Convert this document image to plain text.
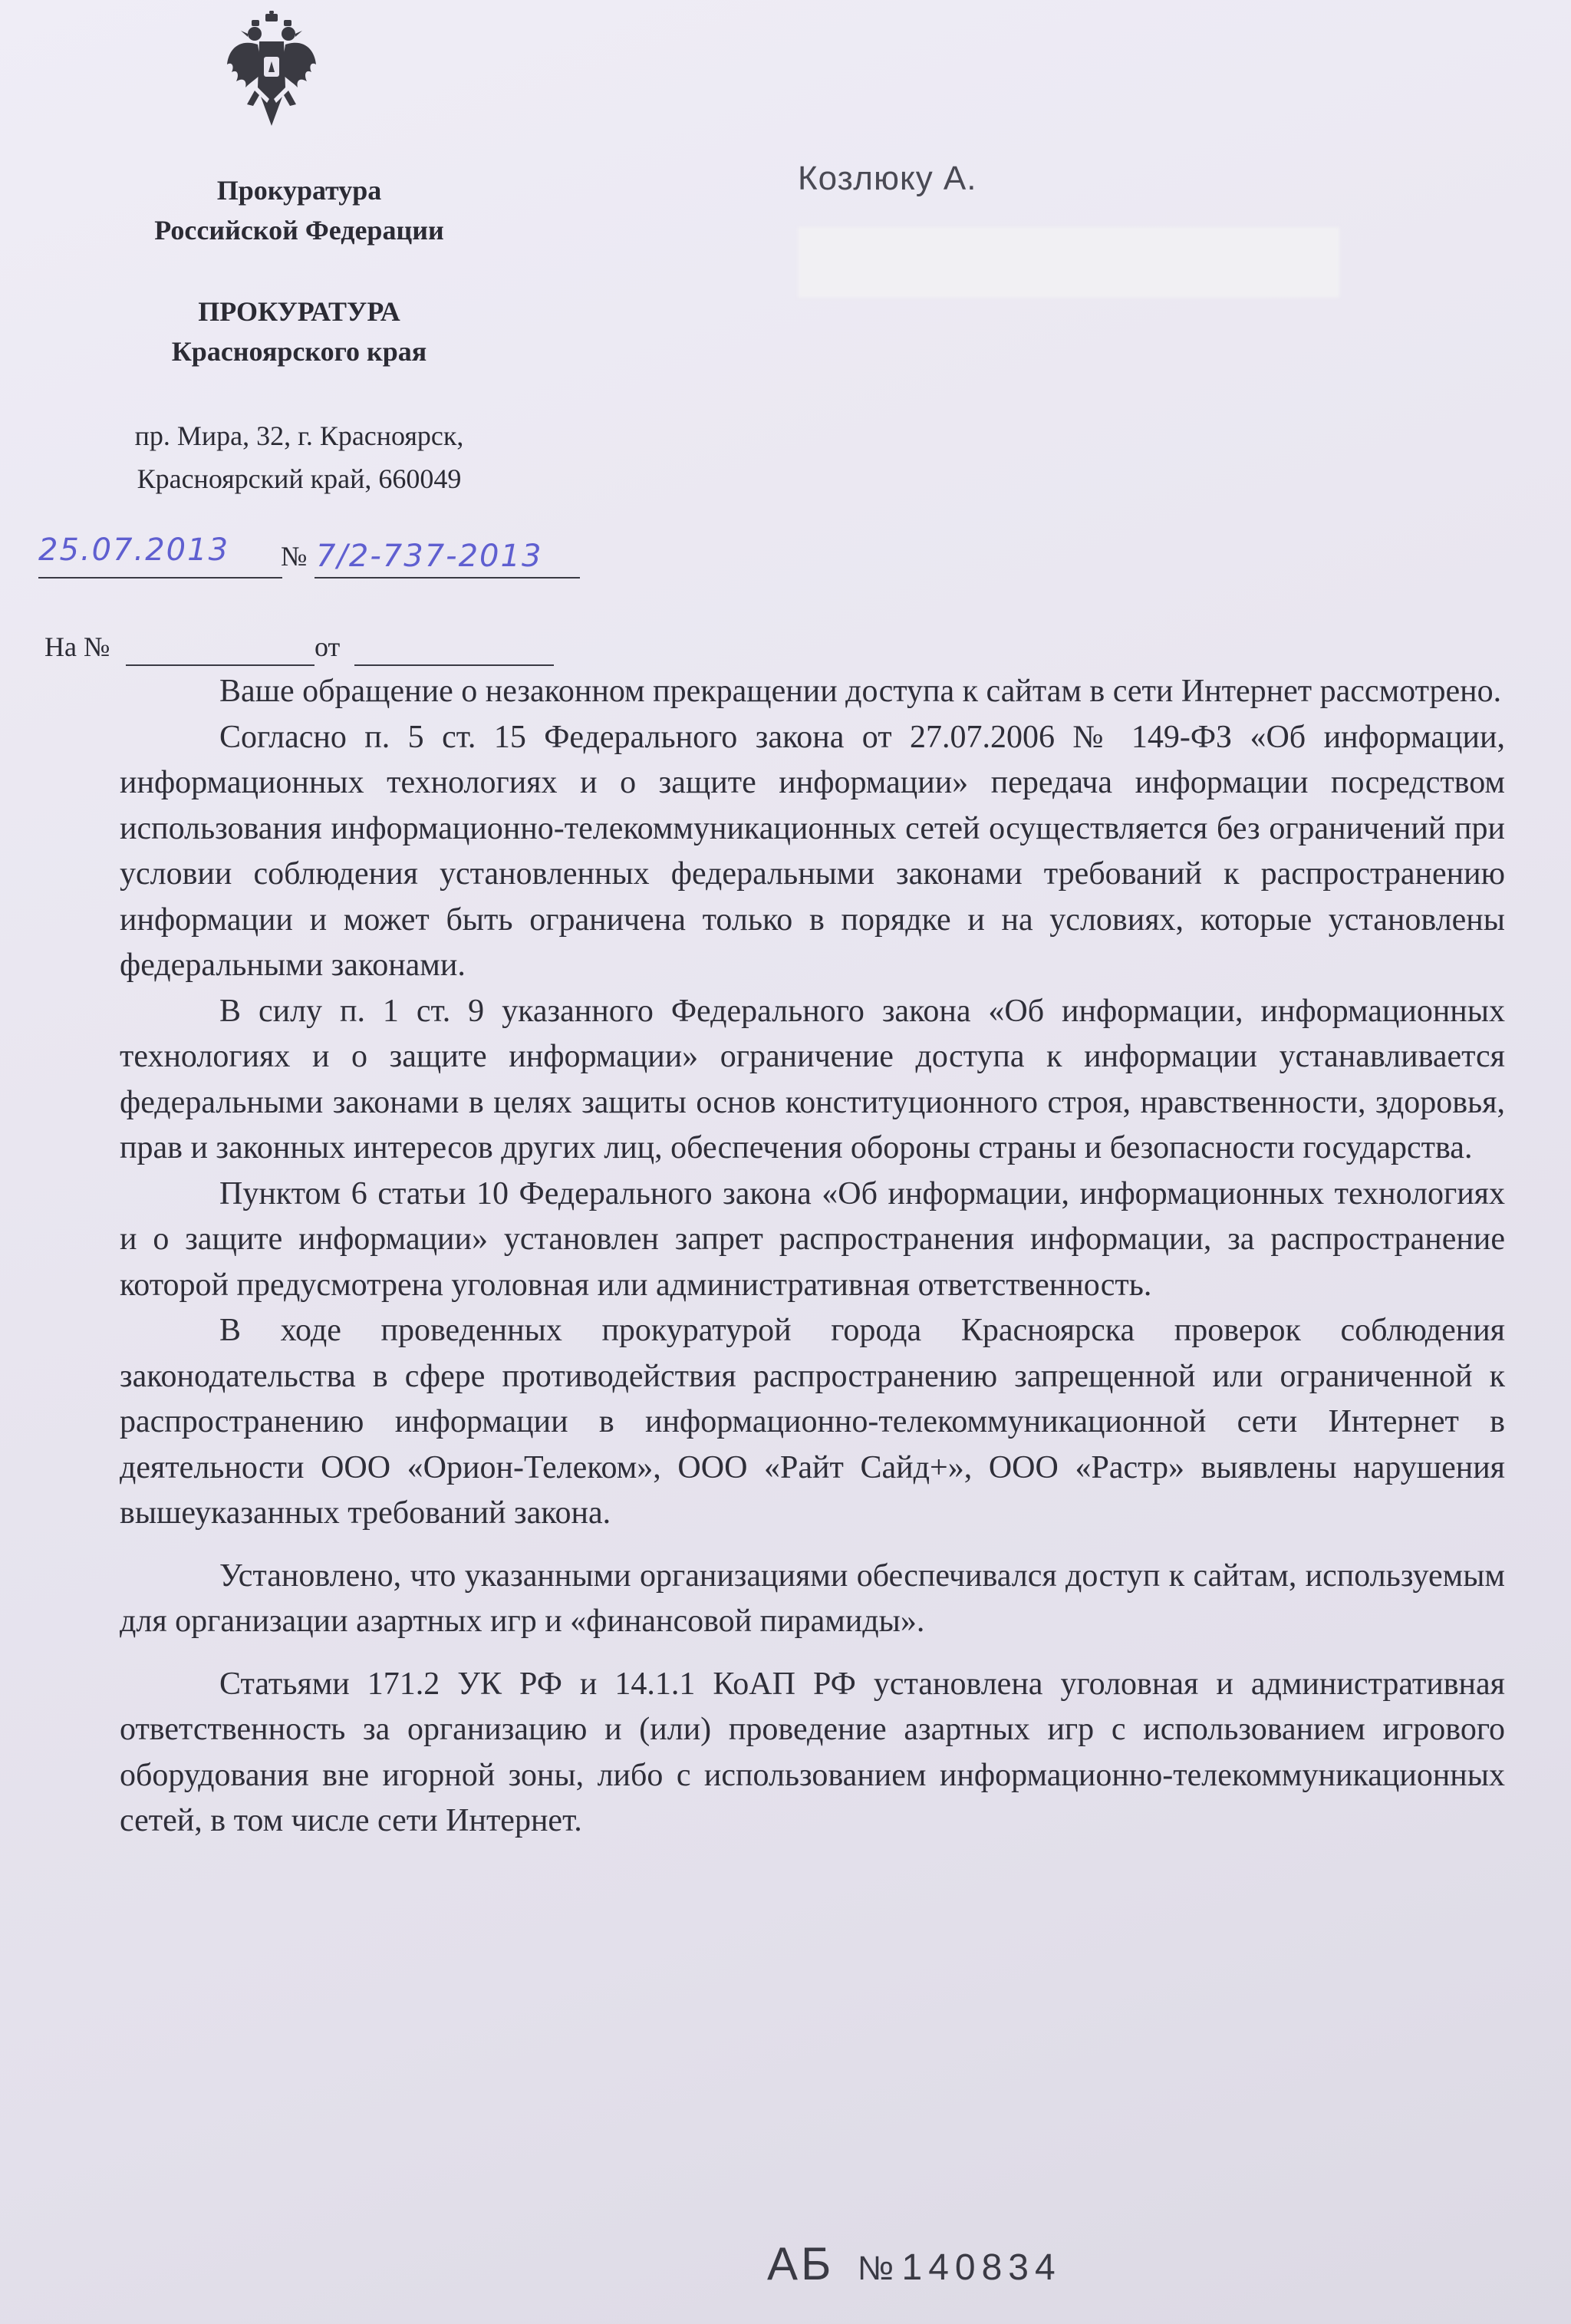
Прокуратура
Российской Федерации
ПРОКУРАТУРА
Красноярского края
пр. Мира, 32, г. Красноярск,
Красноярский край, 660049
25.07.2013 № 7/2-737-2013
На №	от
Козлюку А.

Ваше обращение о незаконном прекращении доступа к сайтам в сети Интернет рассмотрено.

Согласно п. 5 ст. 15 Федерального закона от 27.07.2006 № 149-ФЗ «Об информации, информационных технологиях и о защите информации» передача информации посредством использования информационно-телекоммуникационных сетей осуществляется без ограничений при условии соблюдения установленных федеральными законами требований к распространению информации и может быть ограничена только в порядке и на условиях, которые установлены федеральными законами.

В силу п. 1 ст. 9 указанного Федерального закона «Об информации, информационных технологиях и о защите информации» ограничение доступа к информации устанавливается федеральными законами в целях защиты основ конституционного строя, нравственности, здоровья, прав и законных интересов других лиц, обеспечения обороны страны и безопасности государства.

Пунктом 6 статьи 10 Федерального закона «Об информации, информационных технологиях и о защите информации» установлен запрет распространения информации, за распространение которой предусмотрена уголовная или административная ответственность.

В ходе проведенных прокуратурой города Красноярска проверок соблюдения законодательства в сфере противодействия распространению запрещенной или ограниченной к распространению информации в информационно-телекоммуникационной сети Интернет в деятельности ООО «Орион-Телеком», ООО «Райт Сайд+», ООО «Растр» выявлены нарушения вышеуказанных требований закона.

Установлено, что указанными организациями обеспечивался доступ к сайтам, используемым для организации азартных игр и «финансовой пирамиды».

Статьями 171.2 УК РФ и 14.1.1 КоАП РФ установлена уголовная и административная ответственность за организацию и (или) проведение азартных игр с использованием игрового оборудования вне игорной зоны, либо с использованием информационно-телекоммуникационных сетей, в том числе сети Интернет.

АБ № 140834
